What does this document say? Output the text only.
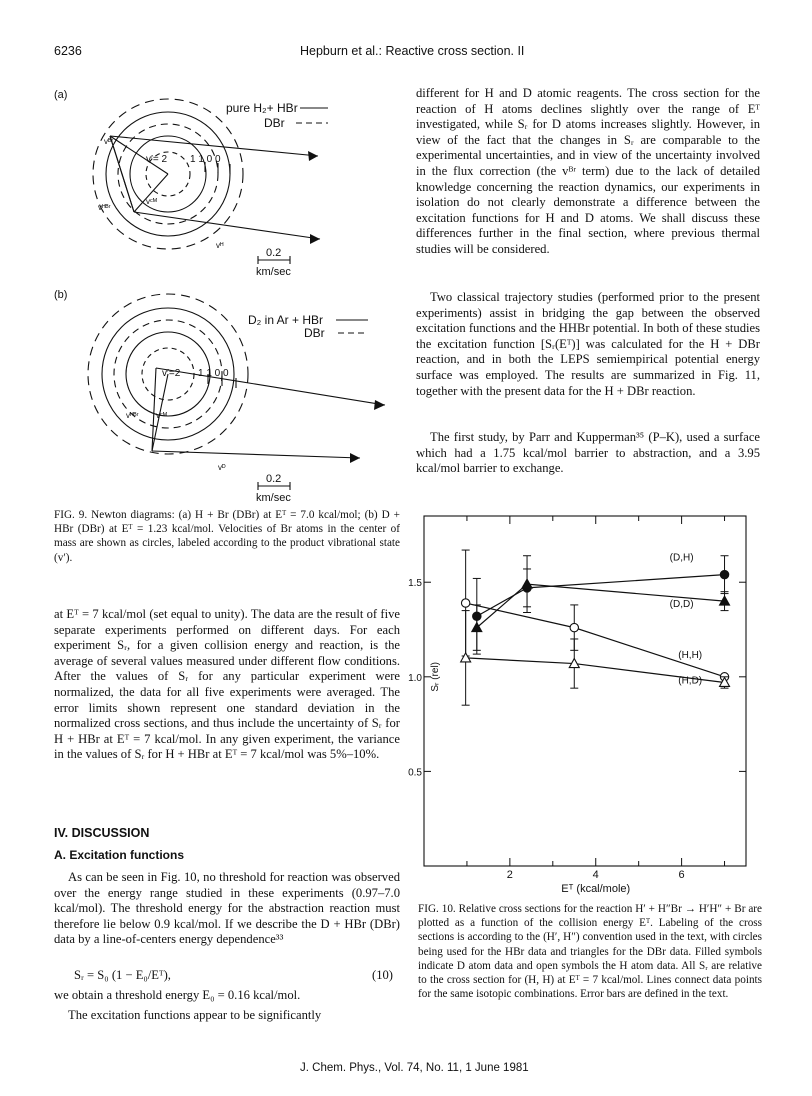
6236	Hepburn et al.: Reactive cross section. II
(a)
pure H₂+ HBr
DBr
v′= 2 1 1 0 0
vᴮʳ
vᴴᴮʳ
vᶜᴹ
vᴴ
0.2
km/sec
(b)
D₂ in Ar + HBr
DBr
v′=2 1 1 0 0
vᴴᴮʳ vᶜᴹ
vᴰ
0.2
km/sec
FIG. 9. Newton diagrams: (a) H + Br (DBr) at Eᵀ = 7.0 kcal/mol; (b) D + HBr (DBr) at Eᵀ = 1.23 kcal/mol. Velocities of Br atoms in the center of mass are shown as circles, labeled according to the product vibrational state (v′).
at Eᵀ = 7 kcal/mol (set equal to unity). The data are the result of five separate experiments performed on different days. For each experiment Sᵣ, for a given collision energy and reaction, is the average of several values measured under different flow conditions. After the values of Sᵣ for any particular experiment were normalized, the data for all five experiments were averaged. The error limits shown represent one standard deviation in the normalized cross sections, and thus include the uncertainty of Sᵣ for H + HBr at Eᵀ = 7 kcal/mol. In any given experiment, the variance in the values of Sᵣ for H + HBr at Eᵀ = 7 kcal/mol was 5%–10%.
IV. DISCUSSION
A. Excitation functions
As can be seen in Fig. 10, no threshold for reaction was observed over the energy range studied in these experiments (0.97–7.0 kcal/mol). The threshold energy for the abstraction reaction must therefore lie below 0.9 kcal/mol. If we describe the D + HBr (DBr) data by a line-of-centers energy dependence³³
Sᵣ = S₀ (1 − E₀/Eᵀ),	(10)
we obtain a threshold energy E₀ = 0.16 kcal/mol.
The excitation functions appear to be significantly
different for H and D atomic reagents. The cross section for the reaction of H atoms declines slightly over the range of Eᵀ investigated, while Sᵣ for D atoms increases slightly. However, in view of the fact that the changes in Sᵣ are comparable to the experimental uncertainties, and in view of the uncertainty involved in the flux correction (the vᴮʳ term) due to the lack of detailed knowledge concerning the reaction dynamics, our experiments in isolation do not clearly demonstrate a difference between the excitation functions for H and D atoms. We shall discuss these differences further in the final section, where previous thermal studies will be considered.
Two classical trajectory studies (performed prior to the present experiments) assist in bridging the gap between the observed excitation functions and the HHBr potential. In both of these studies the excitation function [Sᵣ(Eᵀ)] was calculated for the H + DBr reaction, and in both the LEPS semiempirical potential energy surface was employed. The results are summarized in Fig. 11, together with the present data for the H + DBr reaction.
The first study, by Parr and Kupperman³⁵ (P–K), used a surface which had a 1.75 kcal/mol barrier to abstraction, and a 3.95 kcal/mol barrier to exchange.
2	4	6
0.5
1.0
1.5
Eᵀ (kcal/mole)
Sᵣ (rel)
(D,H)
(D,D)
(H,H)
(H,D)
FIG. 10. Relative cross sections for the reaction H′ + H″Br → H′H″ + Br are plotted as a function of the collision energy Eᵀ. Labeling of the cross sections is according to the (H′, H″) convention used in the text, with circles being used for the HBr data and triangles for the DBr data. Filled symbols indicate D atom data and open symbols the H atom data. All Sᵣ are relative to the cross section for (H, H) at Eᵀ = 7 kcal/mol. Lines connect data points for the same isotopic combinations. Error bars are defined in the text.
J. Chem. Phys., Vol. 74, No. 11, 1 June 1981
